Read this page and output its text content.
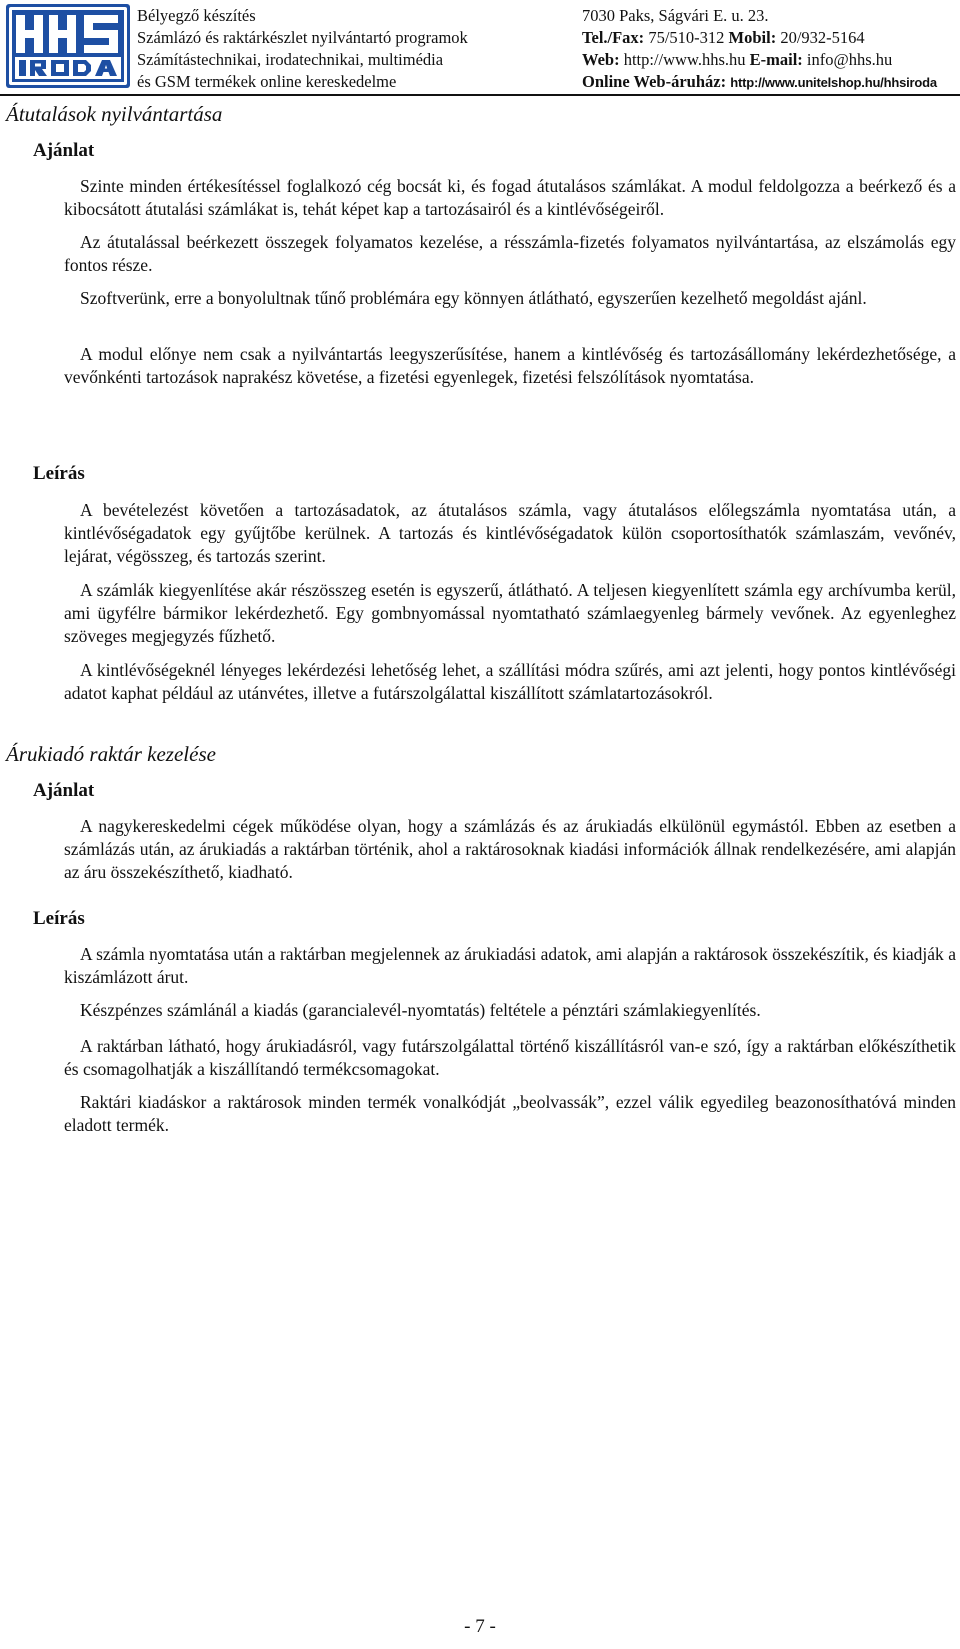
Bélyegző készítés
Számlázó és raktárkészlet nyilvántartó programok
Számítástechnikai, irodatechnikai, multimédia
és GSM termékek online kereskedelme
7030 Paks, Ságvári E. u. 23.
Tel./Fax: 75/510-312 Mobil: 20/932-5164
Web: http://www.hhs.hu E-mail: info@hhs.hu
Online Web-áruház: http://www.unitelshop.hu/hhsiroda
Átutalások nyilvántartása
Ajánlat

Szinte minden értékesítéssel foglalkozó cég bocsát ki, és fogad átutalásos számlákat. A modul feldolgozza a beérkező és a kibocsátott átutalási számlákat is, tehát képet kap a tartozásairól és a kintlévőségeiről.

Az átutalással beérkezett összegek folyamatos kezelése, a résszámla-fizetés folyamatos nyilvántartása, az elszámolás egy fontos része.

Szoftverünk, erre a bonyolultnak tűnő problémára egy könnyen átlátható, egyszerűen kezelhető megoldást ajánl.

A modul előnye nem csak a nyilvántartás leegyszerűsítése, hanem a kintlévőség és tartozásállomány lekérdezhetősége, a vevőnkénti tartozások naprakész követése, a fizetési egyenlegek, fizetési felszólítások nyomtatása.

Leírás

A bevételezést követően a tartozásadatok, az átutalásos számla, vagy átutalásos előlegszámla nyomtatása után, a kintlévőségadatok egy gyűjtőbe kerülnek. A tartozás és kintlévőségadatok külön csoportosíthatók számlaszám, vevőnév, lejárat, végösszeg, és tartozás szerint.

A számlák kiegyenlítése akár részösszeg esetén is egyszerű, átlátható. A teljesen kiegyenlített számla egy archívumba kerül, ami ügyfélre bármikor lekérdezhető. Egy gombnyomással nyomtatható számlaegyenleg bármely vevőnek. Az egyenleghez szöveges megjegyzés fűzhető.

A kintlévőségeknél lényeges lekérdezési lehetőség lehet, a szállítási módra szűrés, ami azt jelenti, hogy pontos kintlévőségi adatot kaphat például az utánvétes, illetve a futárszolgálattal kiszállított számlatartozásokról.

Árukiadó raktár kezelése
Ajánlat

A nagykereskedelmi cégek működése olyan, hogy a számlázás és az árukiadás elkülönül egymástól. Ebben az esetben a számlázás után, az árukiadás a raktárban történik, ahol a raktárosoknak kiadási információk állnak rendelkezésére, ami alapján az áru összekészíthető, kiadható.

Leírás

A számla nyomtatása után a raktárban megjelennek az árukiadási adatok, ami alapján a raktárosok összekészítik, és kiadják a kiszámlázott árut.

Készpénzes számlánál a kiadás (garancialevél-nyomtatás) feltétele a pénztári számlakiegyenlítés.

A raktárban látható, hogy árukiadásról, vagy futárszolgálattal történő kiszállításról van-e szó, így a raktárban előkészíthetik és csomagolhatják a kiszállítandó termékcsomagokat.

Raktári kiadáskor a raktárosok minden termék vonalkódját „beolvassák”, ezzel válik egyedileg beazonosíthatóvá minden eladott termék.

- 7 -
